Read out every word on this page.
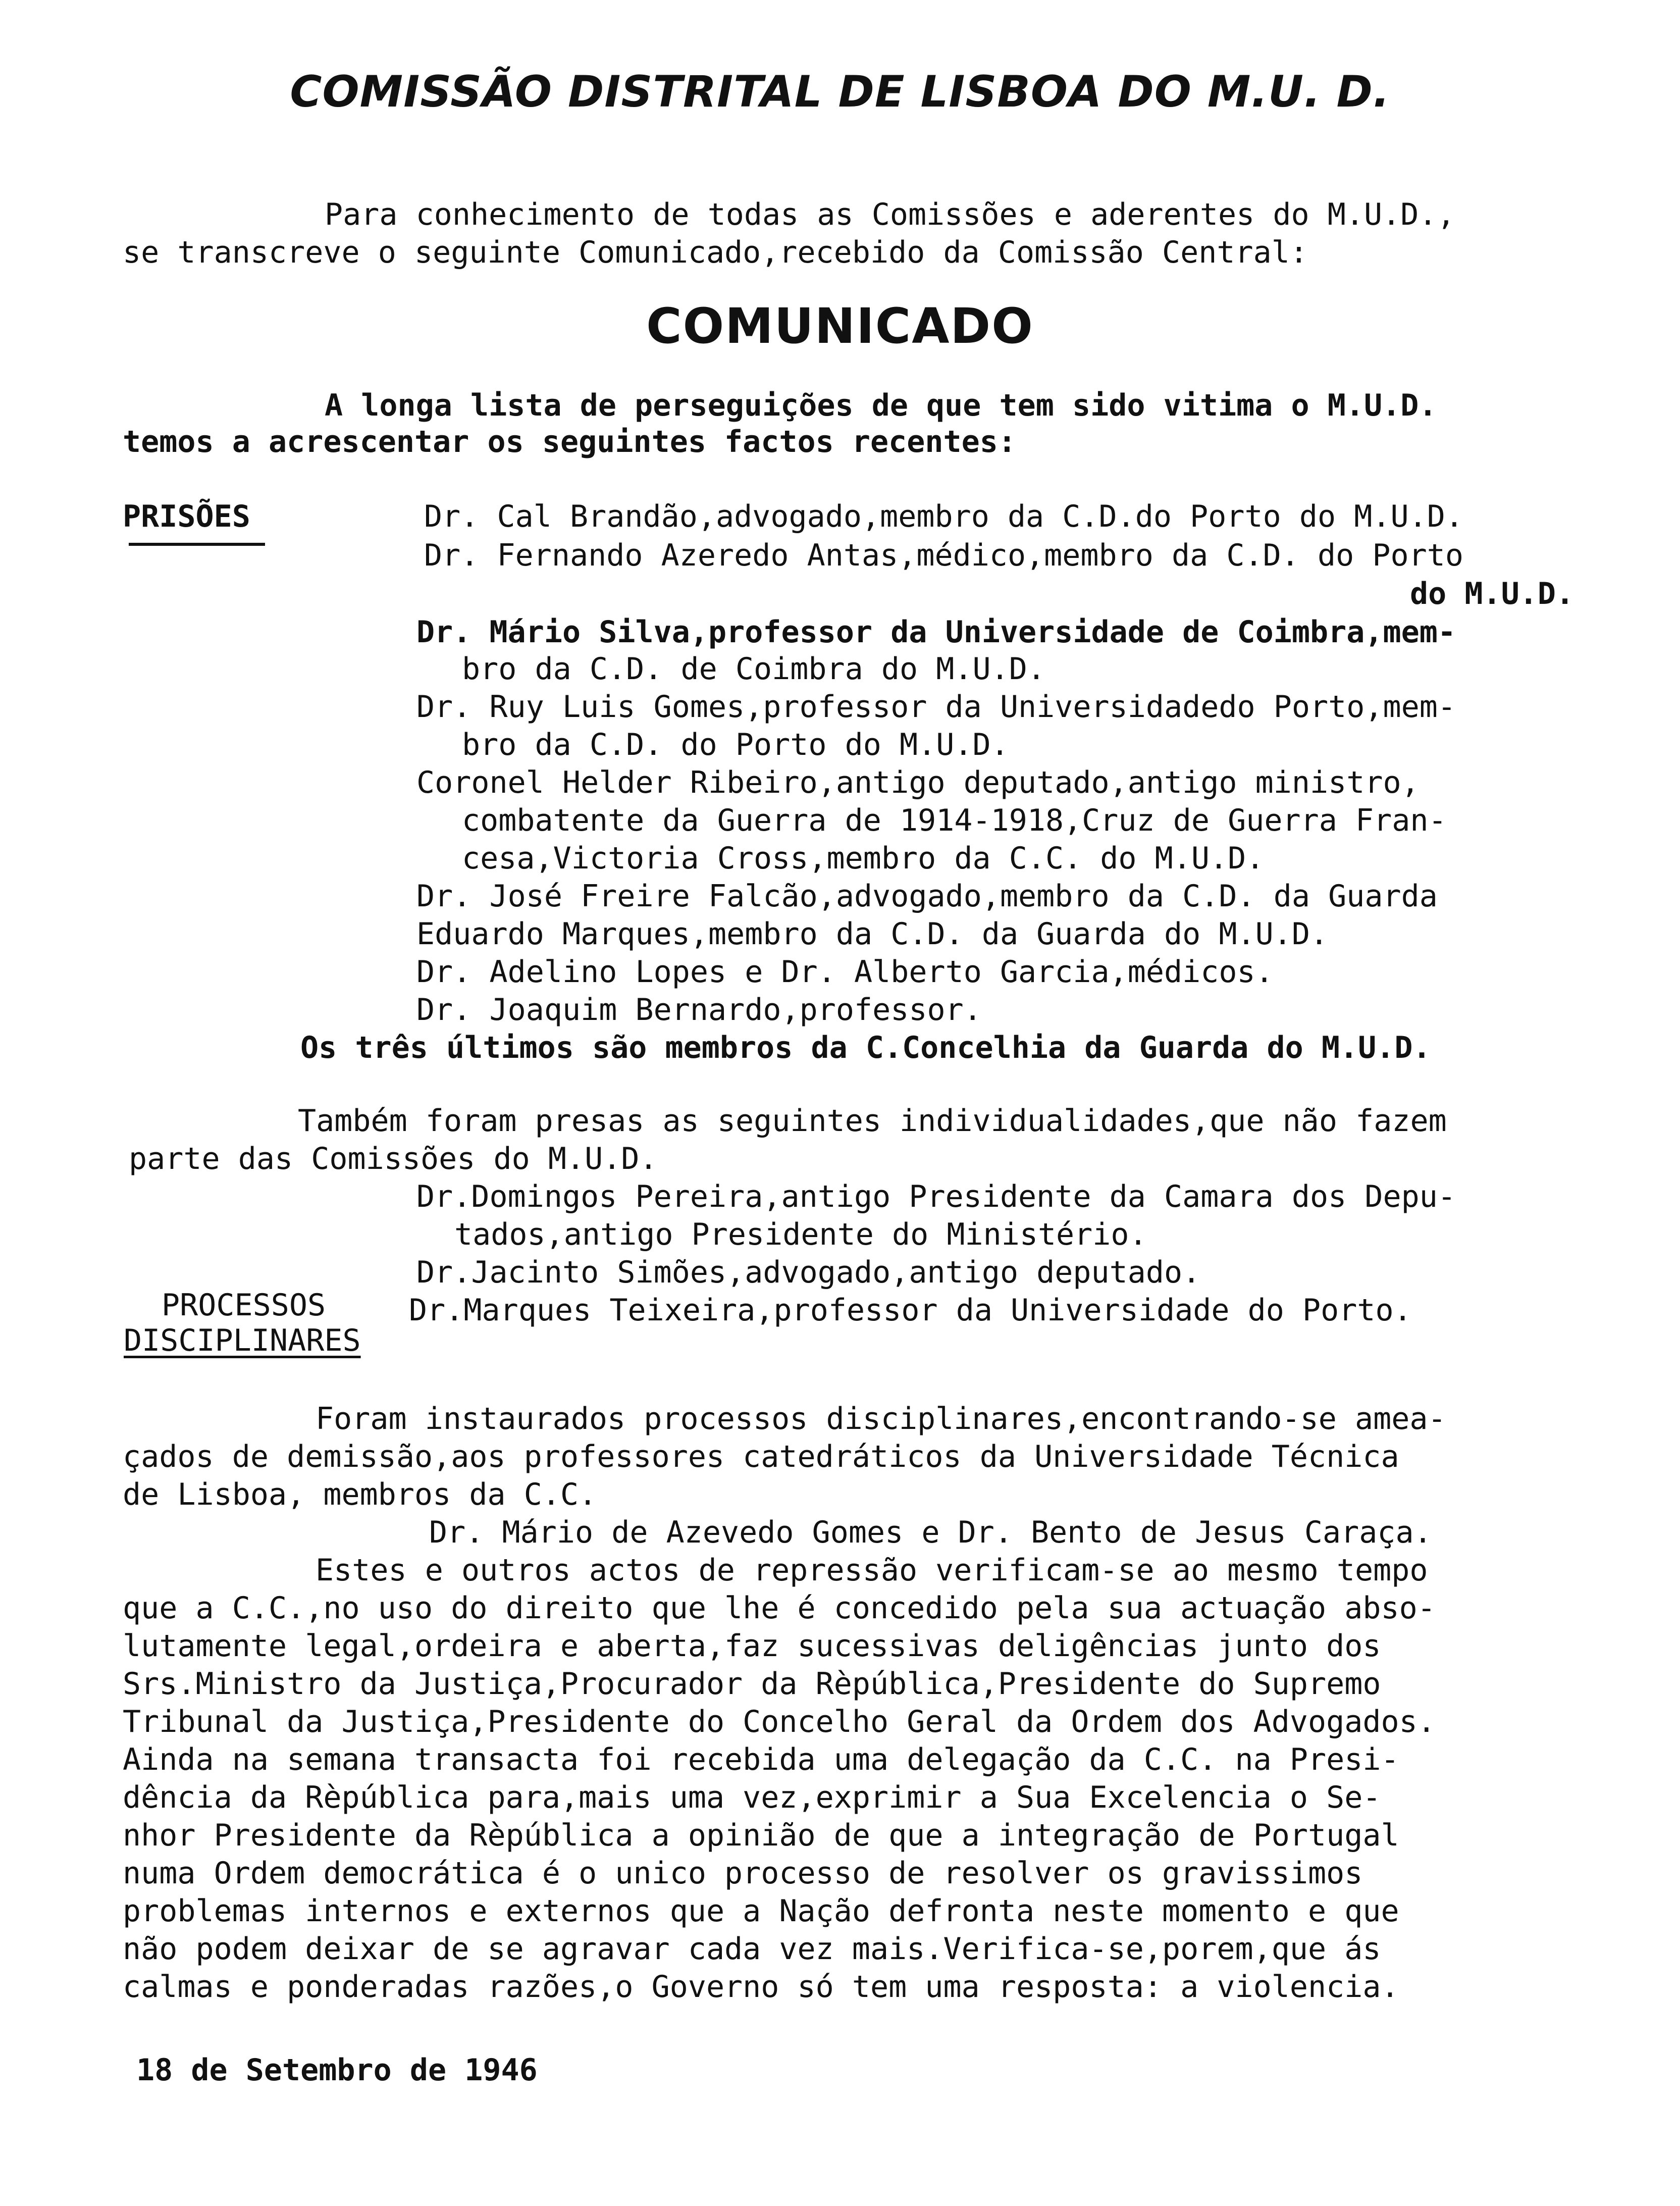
COMISSÃO DISTRITAL DE LISBOA DO M.U. D.
Para conhecimento de todas as Comissões e aderentes do M.U.D.,
se transcreve o seguinte Comunicado,recebido da Comissão Central:
COMUNICADO
A longa lista de perseguições de que tem sido vitima o M.U.D.
temos a acrescentar os seguintes factos recentes:
PRISÕES	Dr. Cal Brandão,advogado,membro da C.D.do Porto do M.U.D.
Dr. Fernando Azeredo Antas,médico,membro da C.D. do Porto
do M.U.D.
Dr. Mário Silva,professor da Universidade de Coimbra,mem-
bro da C.D. de Coimbra do M.U.D.
Dr. Ruy Luis Gomes,professor da Universidadedo Porto,mem-
bro da C.D. do Porto do M.U.D.
Coronel Helder Ribeiro,antigo deputado,antigo ministro,
combatente da Guerra de 1914-1918,Cruz de Guerra Fran-
cesa,Victoria Cross,membro da C.C. do M.U.D.
Dr. José Freire Falcão,advogado,membro da C.D. da Guarda
Eduardo Marques,membro da C.D. da Guarda do M.U.D.
Dr. Adelino Lopes e Dr. Alberto Garcia,médicos.
Dr. Joaquim Bernardo,professor.
Os três últimos são membros da C.Concelhia da Guarda do M.U.D.
Também foram presas as seguintes individualidades,que não fazem
parte das Comissões do M.U.D.
Dr.Domingos Pereira,antigo Presidente da Camara dos Depu-
tados,antigo Presidente do Ministério.
Dr.Jacinto Simões,advogado,antigo deputado.
Dr.Marques Teixeira,professor da Universidade do Porto.
PROCESSOS
DISCIPLINARES
Foram instaurados processos disciplinares,encontrando-se amea-
çados de demissão,aos professores catedráticos da Universidade Técnica
de Lisboa, membros da C.C.
Dr. Mário de Azevedo Gomes e Dr. Bento de Jesus Caraça.
Estes e outros actos de repressão verificam-se ao mesmo tempo
que a C.C.,no uso do direito que lhe é concedido pela sua actuação abso-
lutamente legal,ordeira e aberta,faz sucessivas deligências junto dos
Srs.Ministro da Justiça,Procurador da Rèpública,Presidente do Supremo
Tribunal da Justiça,Presidente do Concelho Geral da Ordem dos Advogados.
Ainda na semana transacta foi recebida uma delegação da C.C. na Presi-
dência da Rèpública para,mais uma vez,exprimir a Sua Excelencia o Se-
nhor Presidente da Rèpública a opinião de que a integração de Portugal
numa Ordem democrática é o unico processo de resolver os gravissimos
problemas internos e externos que a Nação defronta neste momento e que
não podem deixar de se agravar cada vez mais.Verifica-se,porem,que ás
calmas e ponderadas razões,o Governo só tem uma resposta: a violencia.
18 de Setembro de 1946
